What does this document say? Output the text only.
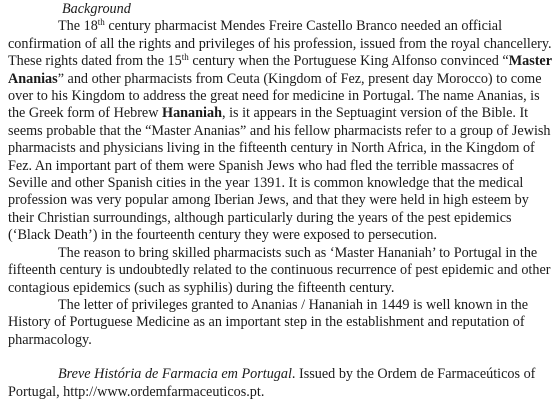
Background

The 18th century pharmacist Mendes Freire Castello Branco needed an official confirmation of all the rights and privileges of his profession, issued from the royal chancellery. These rights dated from the 15th century when the Portuguese King Alfonso convinced “Master Ananias” and other pharmacists from Ceuta (Kingdom of Fez, present day Morocco) to come over to his Kingdom to address the great need for medicine in Portugal. The name Ananias, is the Greek form of Hebrew Hananiah, is it appears in the Septuagint version of the Bible. It seems probable that the “Master Ananias” and his fellow pharmacists refer to a group of Jewish pharmacists and physicians living in the fifteenth century in North Africa, in the Kingdom of Fez. An important part of them were Spanish Jews who had fled the terrible massacres of Seville and other Spanish cities in the year 1391. It is common knowledge that the medical profession was very popular among Iberian Jews, and that they were held in high esteem by their Christian surroundings, although particularly during the years of the pest epidemics (‘Black Death’) in the fourteenth century they were exposed to persecution.

The reason to bring skilled pharmacists such as ‘Master Hananiah’ to Portugal in the fifteenth century is undoubtedly related to the continuous recurrence of pest epidemic and other contagious epidemics (such as syphilis) during the fifteenth century.

The letter of privileges granted to Ananias / Hananiah in 1449 is well known in the History of Portuguese Medicine as an important step in the establishment and reputation of pharmacology.

Breve História de Farmacia em Portugal. Issued by the Ordem de Farmaceúticos of Portugal, http://www.ordemfarmaceuticos.pt.
